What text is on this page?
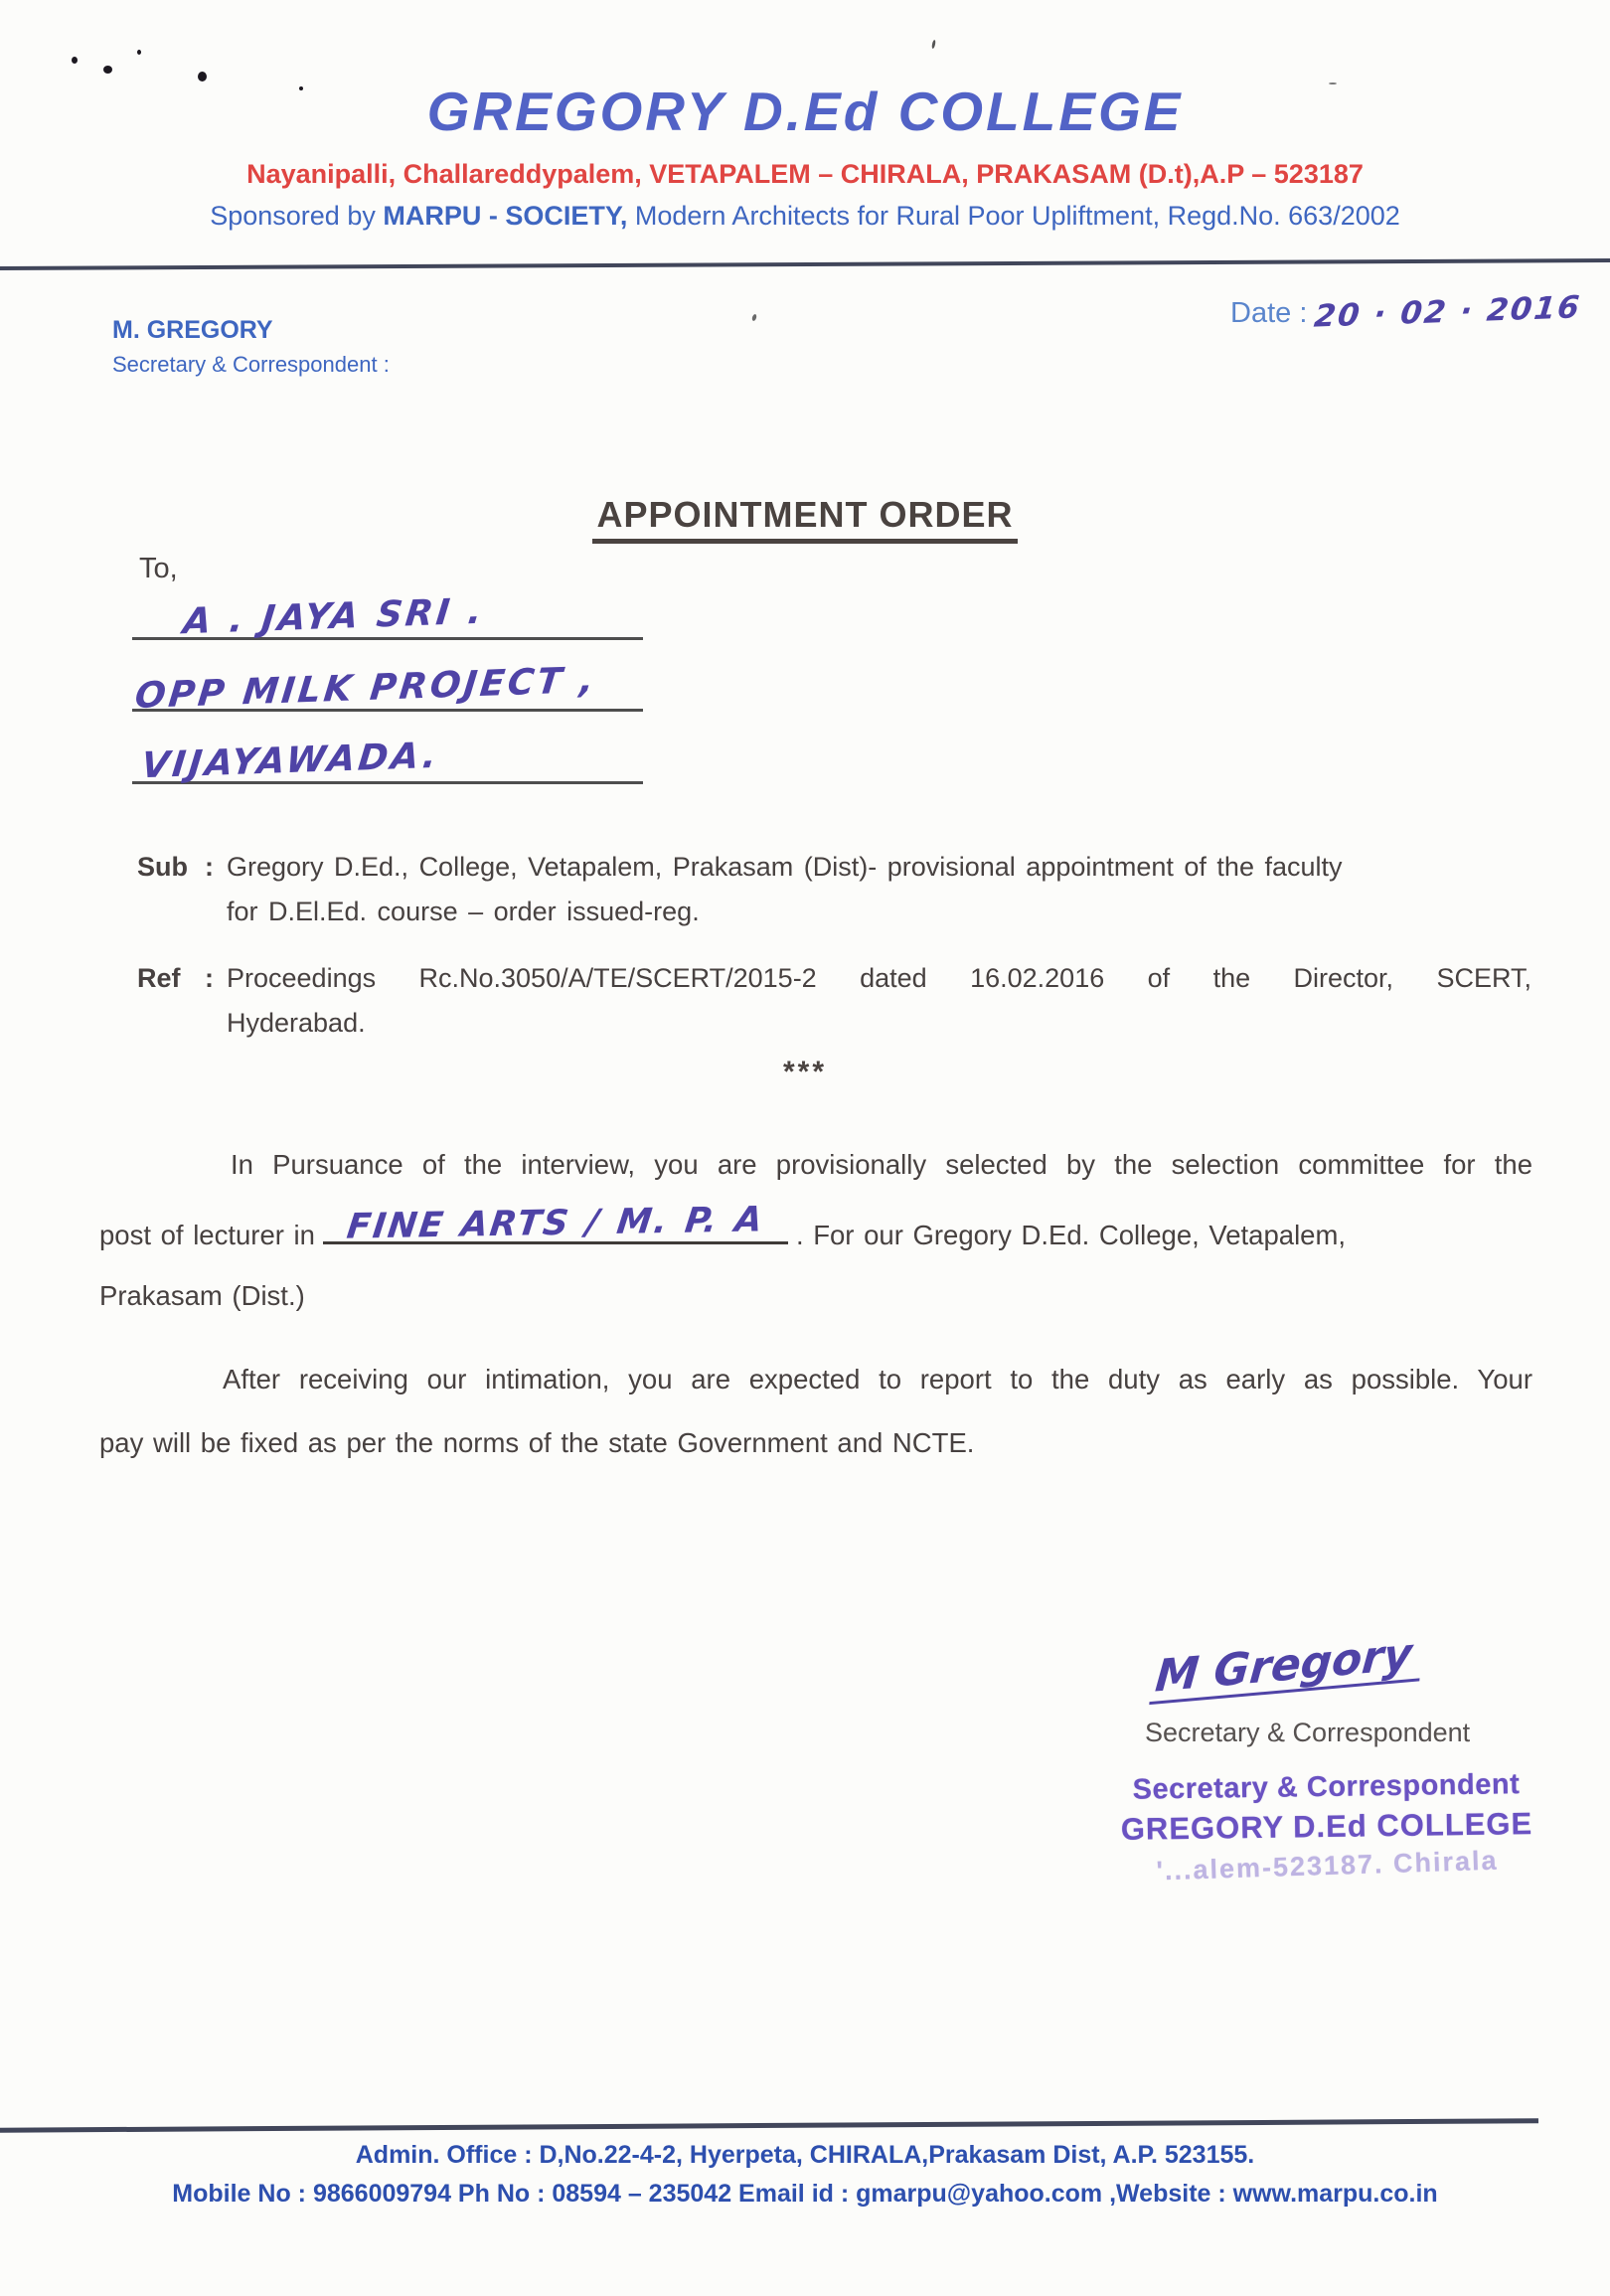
GREGORY D.Ed COLLEGE
Nayanipalli, Challareddypalem, VETAPALEM – CHIRALA, PRAKASAM (D.t),A.P – 523187
Sponsored by MARPU - SOCIETY, Modern Architects for Rural Poor Upliftment, Regd.No. 663/2002
M. GREGORY
Secretary & Correspondent :
Date : 20 · 02 · 2016
APPOINTMENT ORDER
To,
A . JAYA SRI .
OPP MILK PROJECT ,
VIJAYAWADA.
Sub : Gregory D.Ed., College, Vetapalem, Prakasam (Dist)- provisional appointment of the faculty
for D.El.Ed. course – order issued-reg.
Ref : Proceedings Rc.No.3050/A/TE/SCERT/2015-2 dated 16.02.2016 of the Director, SCERT,
Hyderabad.
***
In Pursuance of the interview, you are provisionally selected by the selection committee for the
post of lecturer in FINE ARTS / M. P. A . For our Gregory D.Ed. College, Vetapalem,
Prakasam (Dist.)
After receiving our intimation, you are expected to report to the duty as early as possible. Your
pay will be fixed as per the norms of the state Government and NCTE.
M Gregory
Secretary & Correspondent
Secretary & Correspondent
GREGORY D.Ed COLLEGE
'...alem-523187. Chirala
Admin. Office : D,No.22-4-2, Hyerpeta, CHIRALA,Prakasam Dist, A.P. 523155.
Mobile No : 9866009794 Ph No : 08594 – 235042 Email id : gmarpu@yahoo.com ,Website : www.marpu.co.in
